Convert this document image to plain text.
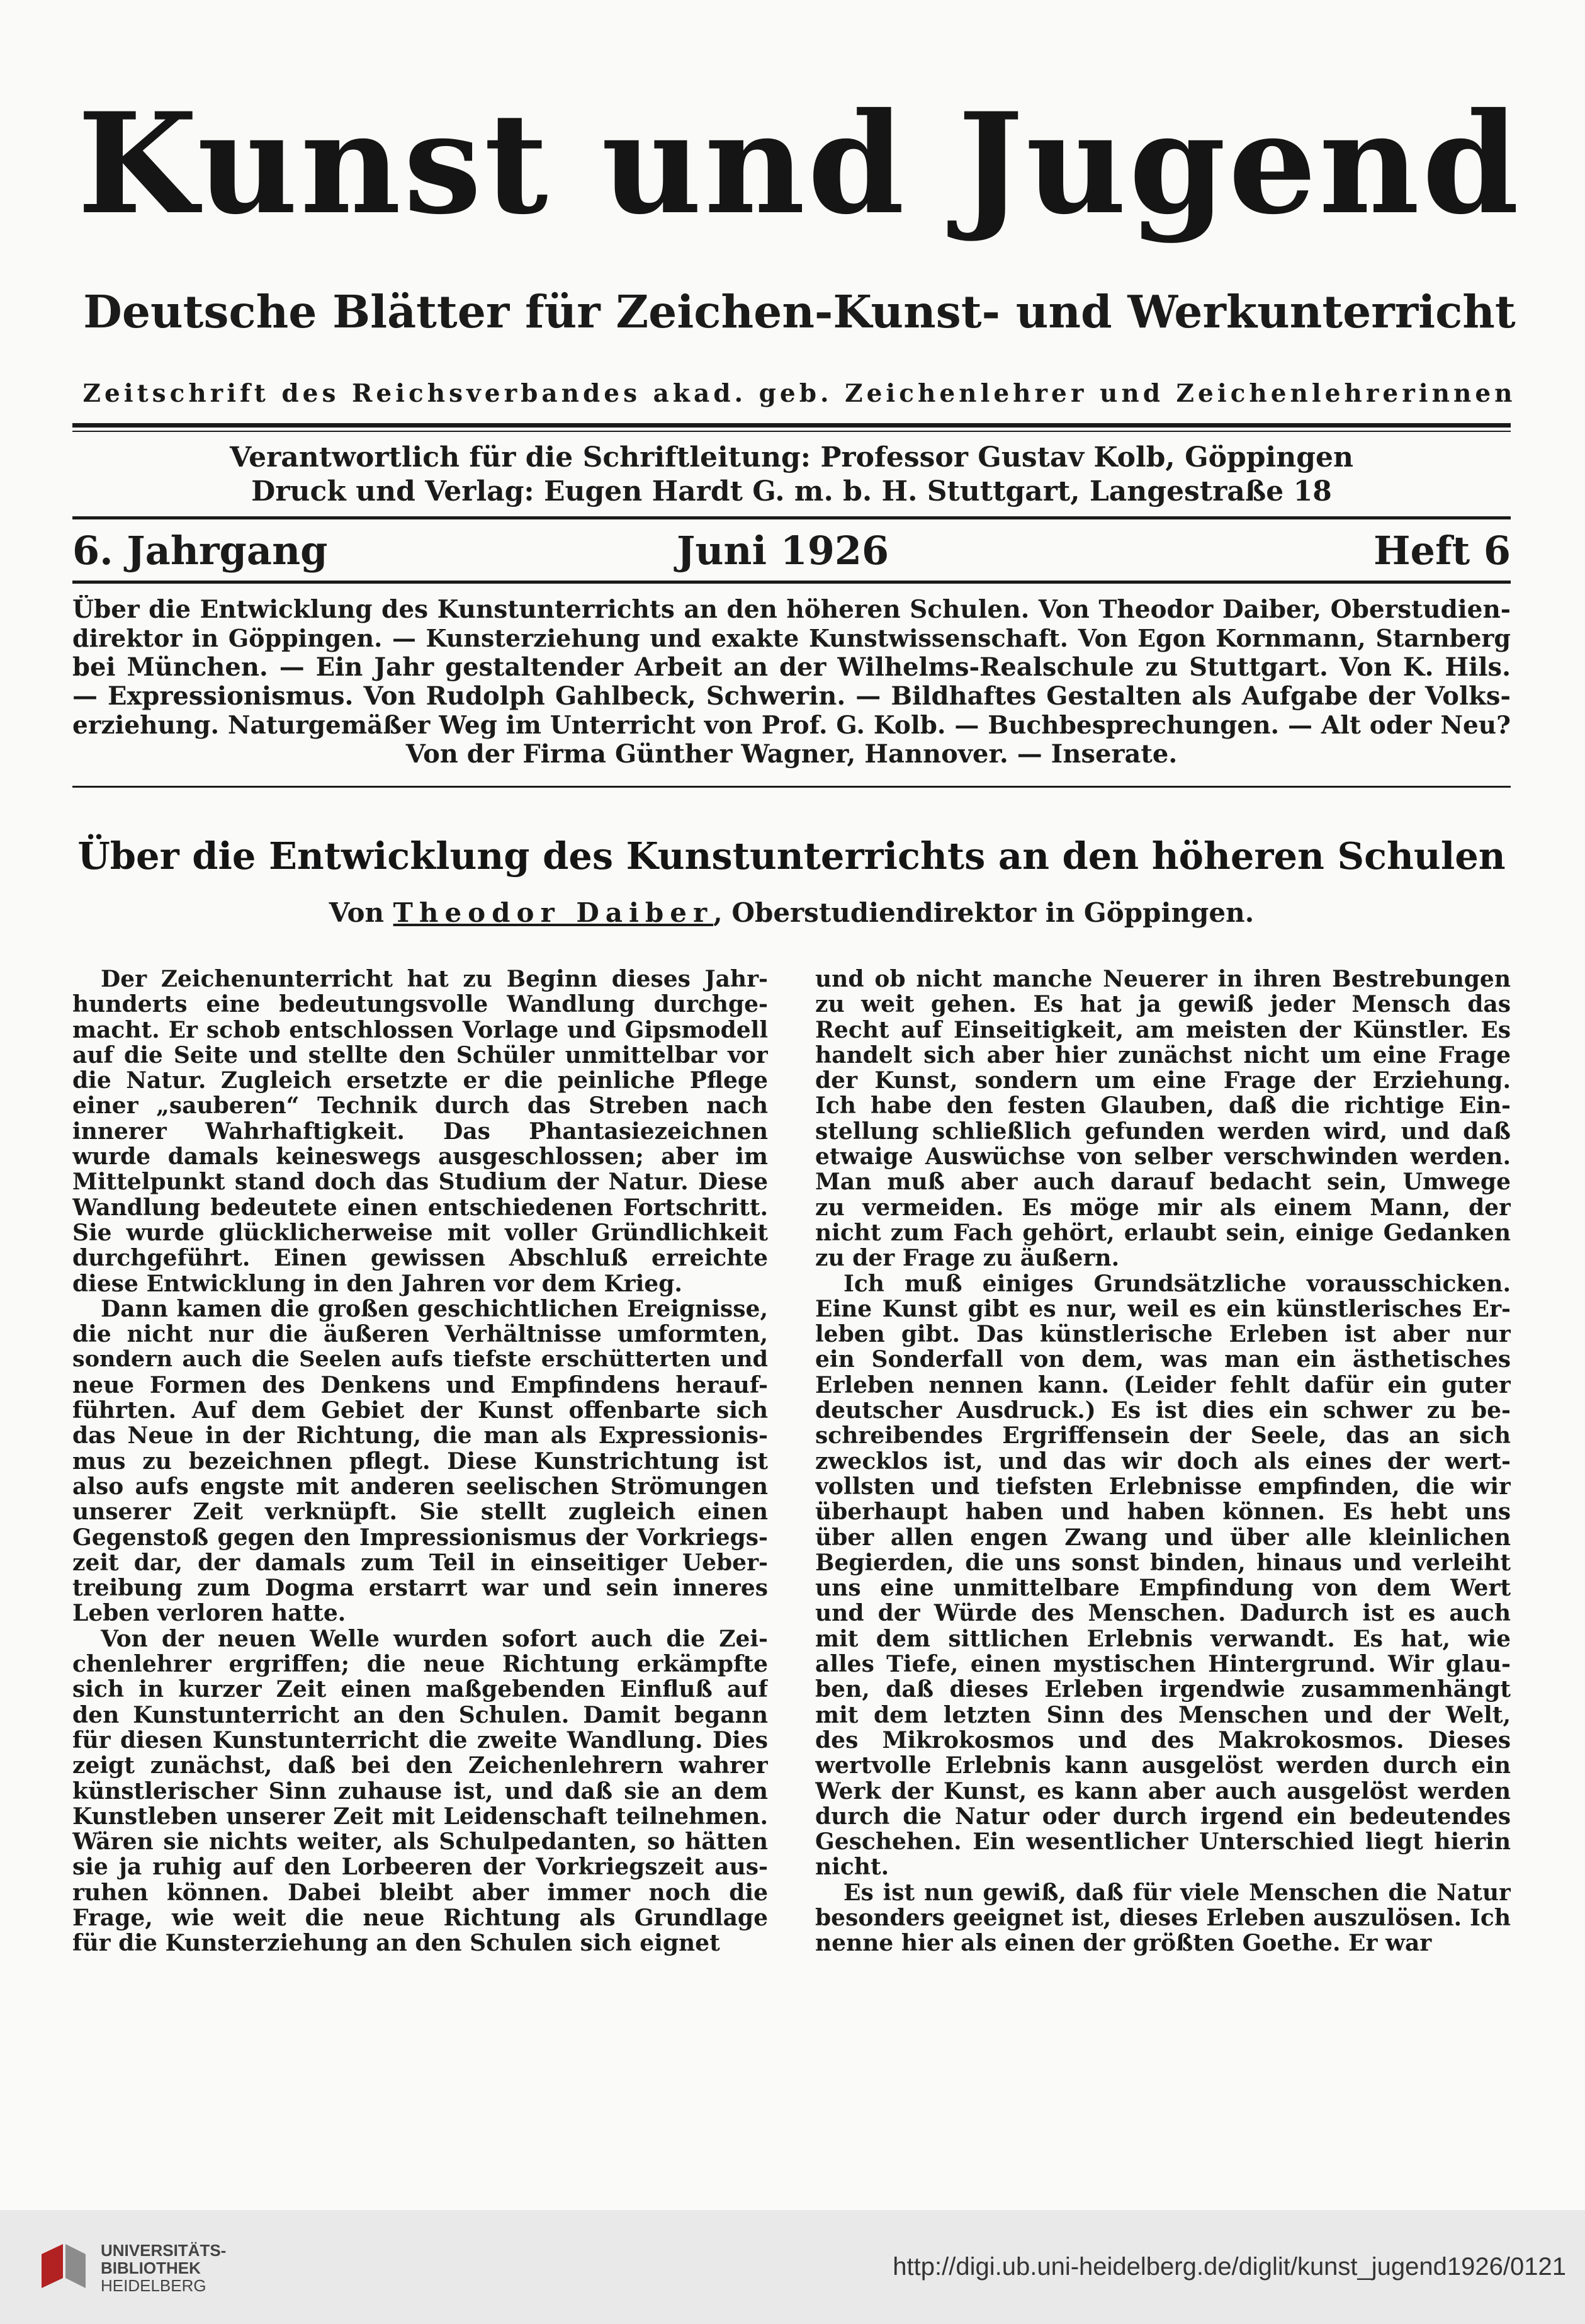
Kunst und Jugend
Deutsche Blätter für Zeichen-Kunst- und Werkunterricht
Zeitschrift des Reichsverbandes akad. geb. Zeichenlehrer und Zeichenlehrerinnen
Verantwortlich für die Schriftleitung: Professor Gustav Kolb, Göppingen
Druck und Verlag: Eugen Hardt G. m. b. H. Stuttgart, Langestraße 18
6. Jahrgang	Juni 1926	Heft 6
Über die Entwicklung des Kunstunterrichts an den höheren Schulen. Von Theodor Daiber, Oberstudien-
direktor in Göppingen. — Kunsterziehung und exakte Kunstwissenschaft. Von Egon Kornmann, Starnberg
bei München. — Ein Jahr gestaltender Arbeit an der Wilhelms-Realschule zu Stuttgart. Von K. Hils.
— Expressionismus. Von Rudolph Gahlbeck, Schwerin. — Bildhaftes Gestalten als Aufgabe der Volks-
erziehung. Naturgemäßer Weg im Unterricht von Prof. G. Kolb. — Buchbesprechungen. — Alt oder Neu?
Von der Firma Günther Wagner, Hannover. — Inserate.
Über die Entwicklung des Kunstunterrichts an den höheren Schulen
Von Theodor Daiber, Oberstudiendirektor in Göppingen.
Der Zeichenunterricht hat zu Beginn dieses Jahr-
hunderts eine bedeutungsvolle Wandlung durchge-
macht. Er schob entschlossen Vorlage und Gipsmodell
auf die Seite und stellte den Schüler unmittelbar vor
die Natur. Zugleich ersetzte er die peinliche Pflege
einer „sauberen“ Technik durch das Streben nach
innerer Wahrhaftigkeit. Das Phantasiezeichnen
wurde damals keineswegs ausgeschlossen; aber im
Mittelpunkt stand doch das Studium der Natur. Diese
Wandlung bedeutete einen entschiedenen Fortschritt.
Sie wurde glücklicherweise mit voller Gründlichkeit
durchgeführt. Einen gewissen Abschluß erreichte
diese Entwicklung in den Jahren vor dem Krieg.
Dann kamen die großen geschichtlichen Ereignisse,
die nicht nur die äußeren Verhältnisse umformten,
sondern auch die Seelen aufs tiefste erschütterten und
neue Formen des Denkens und Empfindens herauf-
führten. Auf dem Gebiet der Kunst offenbarte sich
das Neue in der Richtung, die man als Expressionis-
mus zu bezeichnen pflegt. Diese Kunstrichtung ist
also aufs engste mit anderen seelischen Strömungen
unserer Zeit verknüpft. Sie stellt zugleich einen
Gegenstoß gegen den Impressionismus der Vorkriegs-
zeit dar, der damals zum Teil in einseitiger Ueber-
treibung zum Dogma erstarrt war und sein inneres
Leben verloren hatte.
Von der neuen Welle wurden sofort auch die Zei-
chenlehrer ergriffen; die neue Richtung erkämpfte
sich in kurzer Zeit einen maßgebenden Einfluß auf
den Kunstunterricht an den Schulen. Damit begann
für diesen Kunstunterricht die zweite Wandlung. Dies
zeigt zunächst, daß bei den Zeichenlehrern wahrer
künstlerischer Sinn zuhause ist, und daß sie an dem
Kunstleben unserer Zeit mit Leidenschaft teilnehmen.
Wären sie nichts weiter, als Schulpedanten, so hätten
sie ja ruhig auf den Lorbeeren der Vorkriegszeit aus-
ruhen können. Dabei bleibt aber immer noch die
Frage, wie weit die neue Richtung als Grundlage
für die Kunsterziehung an den Schulen sich eignet
und ob nicht manche Neuerer in ihren Bestrebungen
zu weit gehen. Es hat ja gewiß jeder Mensch das
Recht auf Einseitigkeit, am meisten der Künstler. Es
handelt sich aber hier zunächst nicht um eine Frage
der Kunst, sondern um eine Frage der Erziehung.
Ich habe den festen Glauben, daß die richtige Ein-
stellung schließlich gefunden werden wird, und daß
etwaige Auswüchse von selber verschwinden werden.
Man muß aber auch darauf bedacht sein, Umwege
zu vermeiden. Es möge mir als einem Mann, der
nicht zum Fach gehört, erlaubt sein, einige Gedanken
zu der Frage zu äußern.
Ich muß einiges Grundsätzliche vorausschicken.
Eine Kunst gibt es nur, weil es ein künstlerisches Er-
leben gibt. Das künstlerische Erleben ist aber nur
ein Sonderfall von dem, was man ein ästhetisches
Erleben nennen kann. (Leider fehlt dafür ein guter
deutscher Ausdruck.) Es ist dies ein schwer zu be-
schreibendes Ergriffensein der Seele, das an sich
zwecklos ist, und das wir doch als eines der wert-
vollsten und tiefsten Erlebnisse empfinden, die wir
überhaupt haben und haben können. Es hebt uns
über allen engen Zwang und über alle kleinlichen
Begierden, die uns sonst binden, hinaus und verleiht
uns eine unmittelbare Empfindung von dem Wert
und der Würde des Menschen. Dadurch ist es auch
mit dem sittlichen Erlebnis verwandt. Es hat, wie
alles Tiefe, einen mystischen Hintergrund. Wir glau-
ben, daß dieses Erleben irgendwie zusammenhängt
mit dem letzten Sinn des Menschen und der Welt,
des Mikrokosmos und des Makrokosmos. Dieses
wertvolle Erlebnis kann ausgelöst werden durch ein
Werk der Kunst, es kann aber auch ausgelöst werden
durch die Natur oder durch irgend ein bedeutendes
Geschehen. Ein wesentlicher Unterschied liegt hierin
nicht.
Es ist nun gewiß, daß für viele Menschen die Natur
besonders geeignet ist, dieses Erleben auszulösen. Ich
nenne hier als einen der größten Goethe. Er war
UNIVERSITÄTS-
BIBLIOTHEK
HEIDELBERG
http://digi.ub.uni-heidelberg.de/diglit/kunst_jugend1926/0121
